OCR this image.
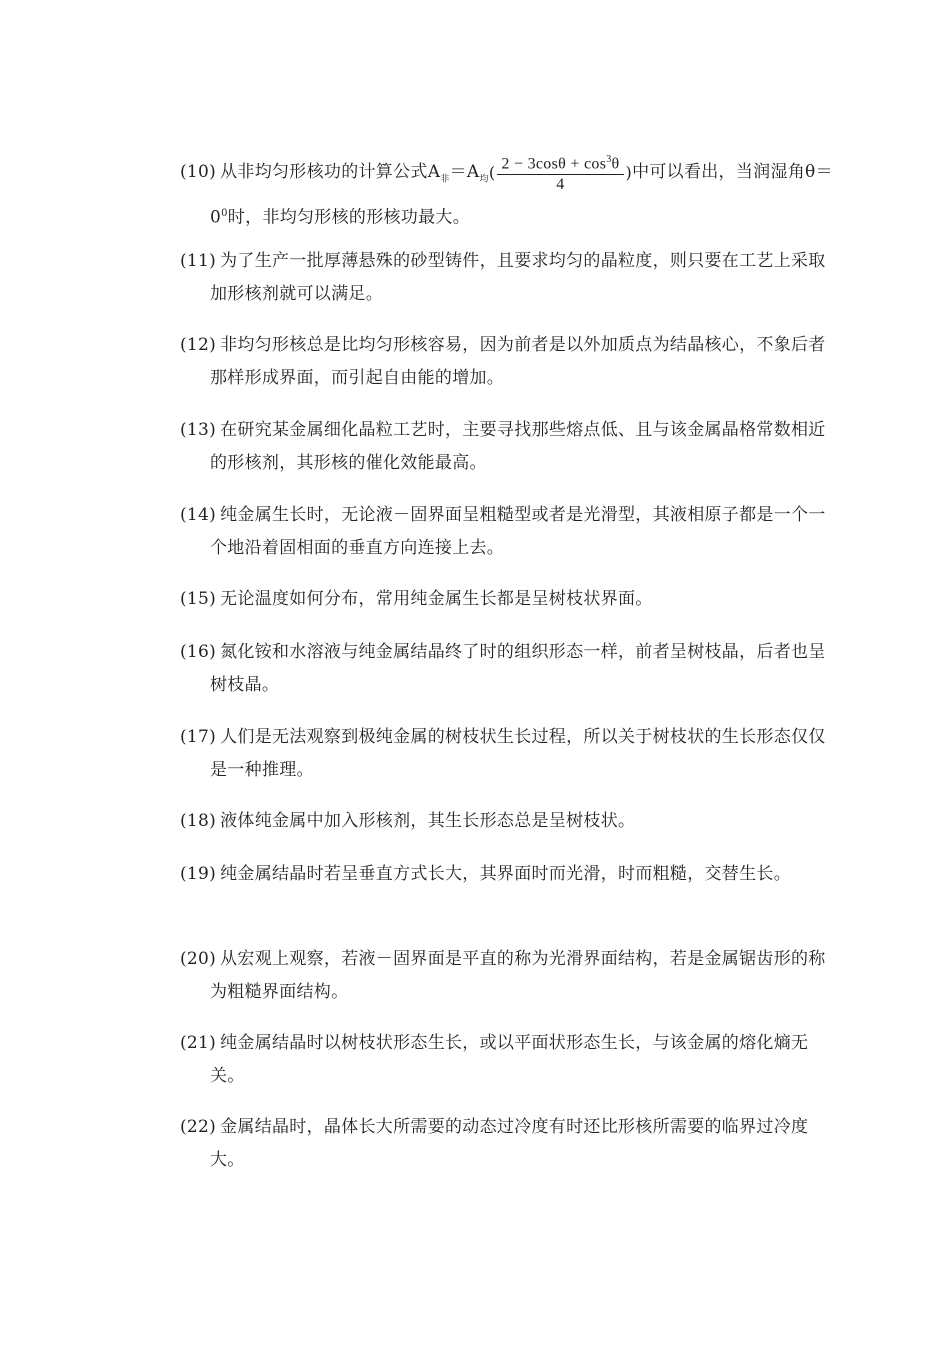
(10) 从非均匀形核功的计算公式$A_非=A_均( \frac{2 - 3\cos\theta + \cos^3\theta}{4}$ )中可以看出，当润湿角$\theta=0^0$时，非均匀形核的形核功最大。
(11) 为了生产一批厚薄悬殊的砂型铸件，且要求均匀的晶粒度，则只要在工艺上采取加形核剂就可以满足。
(12) 非均匀形核总是比均匀形核容易，因为前者是以外加质点为结晶核心，不象后者那样形成界面，而引起自由能的增加。
(13) 在研究某金属细化晶粒工艺时，主要寻找那些熔点低、且与该金属晶格常数相近的形核剂，其形核的催化效能最高。
(14) 纯金属生长时，无论液－固界面呈粗糙型或者是光滑型，其液相原子都是一个一个地沿着固相面的垂直方向连接上去。
(15) 无论温度如何分布，常用纯金属生长都是呈树枝状界面。
(16) 氮化铵和水溶液与纯金属结晶终了时的组织形态一样，前者呈树枝晶，后者也呈树枝晶。
(17) 人们是无法观察到极纯金属的树枝状生长过程，所以关于树枝状的生长形态仅仅是一种推理。
(18) 液体纯金属中加入形核剂，其生长形态总是呈树枝状。
(19) 纯金属结晶时若呈垂直方式长大，其界面时而光滑，时而粗糙，交替生长。
(20) 从宏观上观察，若液－固界面是平直的称为光滑界面结构，若是金属锯齿形的称为粗糙界面结构。
(21) 纯金属结晶时以树枝状形态生长，或以平面状形态生长，与该金属的熔化熵无关。
(22) 金属结晶时，晶体长大所需要的动态过冷度有时还比形核所需要的临界过冷度大。
